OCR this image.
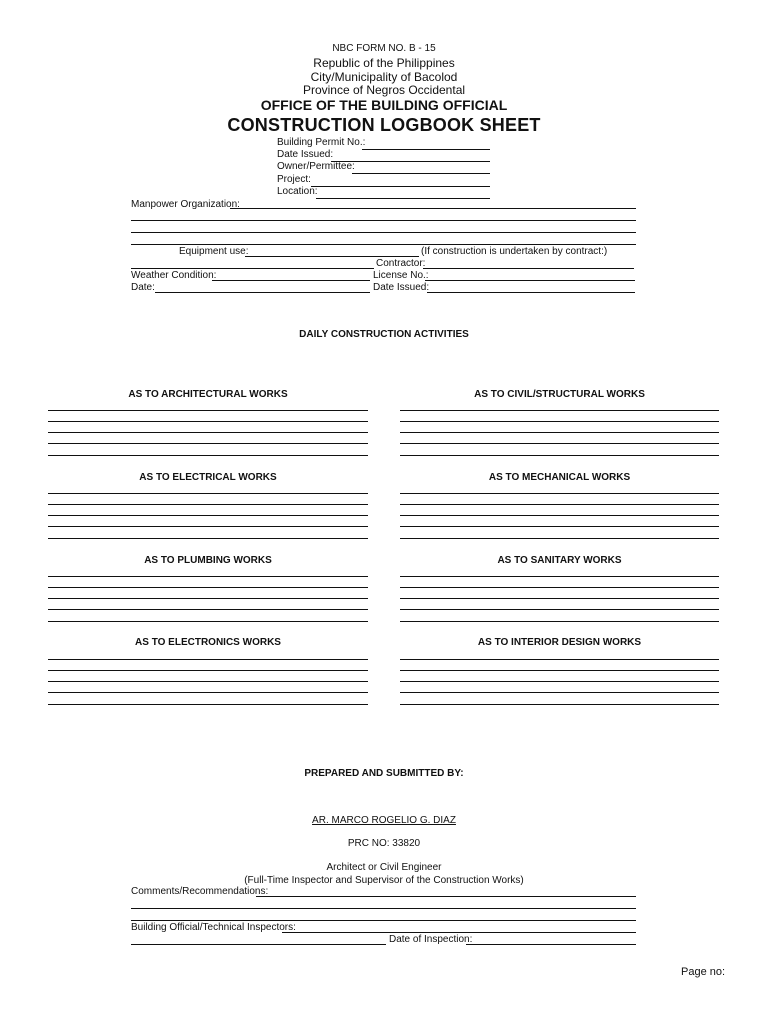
NBC FORM NO. B - 15
Republic of the Philippines
City/Municipality of Bacolod
Province of Negros Occidental
OFFICE OF THE BUILDING OFFICIAL
CONSTRUCTION LOGBOOK SHEET
Building Permit No.:
Date Issued:
Owner/Permittee:
Project:
Location:
Manpower Organization:
Equipment use:	(If construction is undertaken by contract:)
Contractor:
Weather Condition:	License No.:
Date:	Date Issued:
DAILY CONSTRUCTION ACTIVITIES
AS TO ARCHITECTURAL WORKS	AS TO CIVIL/STRUCTURAL WORKS
AS TO ELECTRICAL WORKS	AS TO MECHANICAL WORKS
AS TO PLUMBING WORKS	AS TO SANITARY WORKS
AS TO ELECTRONICS WORKS	AS TO INTERIOR DESIGN WORKS
PREPARED AND SUBMITTED BY:
AR. MARCO ROGELIO G. DIAZ
PRC NO: 33820
Architect or Civil Engineer
(Full-Time Inspector and Supervisor of the Construction Works)
Comments/Recommendations:
Building Official/Technical Inspectors:
Date of Inspection:
Page no:
